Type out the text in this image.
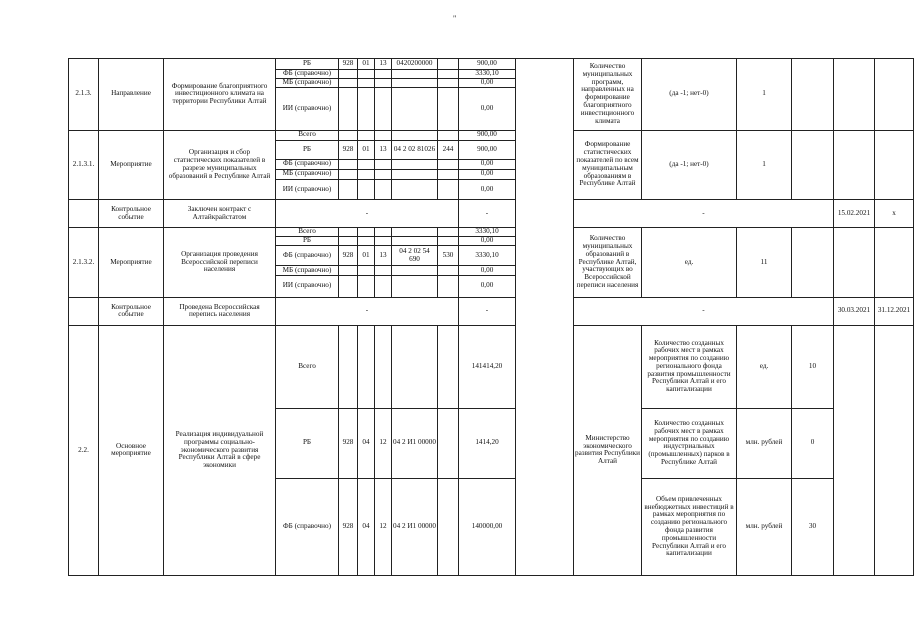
"
2.1.3.	Направление	Формирование благоприятного инвестиционного климата на территории Республики Алтай	РБ	928	01	13	0420200000		900,00		Количество муниципальных программ, направленных на формирование благоприятного инвестиционного климата	(да -1; нет-0)	1				
			ФБ (справочно)						3330,10								
			МБ (справочно)						0,00								
			ИИ (справочно)						0,00								
2.1.3.1.	Мероприятие	Организация и сбор статистических показателей в разрезе муниципальных образований в Республике Алтай	Всего						900,00		Формирование статистических показателей по всем муниципальным образованиям в Республике Алтай	(да -1; нет-0)	1				
			РБ	928	01	13	04 2 02 81026	244	900,00								
			ФБ (справочно)						0,00								
			МБ (справочно)						0,00								
			ИИ (справочно)						0,00								
	Контрольное событие	Заключен контракт с Алтайкрайстатом	-						-		-				15.02.2021	х	
2.1.3.2.	Мероприятие	Организация проведения Всероссийской переписи населения	Всего						3330,10		Количество муниципальных образований в Республике Алтай, участвующих во Всероссийской переписи населения	ед.	11				
			РБ						0,00								
			ФБ (справочно)	928	01	13	04 2 02 54 690	530	3330,10								
			МБ (справочно)						0,00								
			ИИ (справочно)						0,00								
	Контрольное событие	Проведена Всероссийская перепись населения	-						-		-				30.03.2021	31.12.2021	
2.2.	Основное мероприятие	Реализация индивидуальной программы социально-экономического развития Республики Алтай в сфере экономики	Всего						141414,20		Министерство экономического развития Республики Алтай	Количество созданных рабочих мест в рамках мероприятия по созданию регионального фонда развития промышленности Республики Алтай и его капитализации	ед.	10			
			РБ	928	04	12	04 2 И1 00000		1414,20			Количество созданных рабочих мест в рамках мероприятия по созданию индустриальных (промышленных) парков в Республике Алтай	млн. рублей	0			
			ФБ (справочно)	928	04	12	04 2 И1 00000		140000,00			Объем привлеченных внебюджетных инвестиций в рамках мероприятия по созданию регионального фонда развития промышленности Республики Алтай и его капитализации	млн. рублей	30			
